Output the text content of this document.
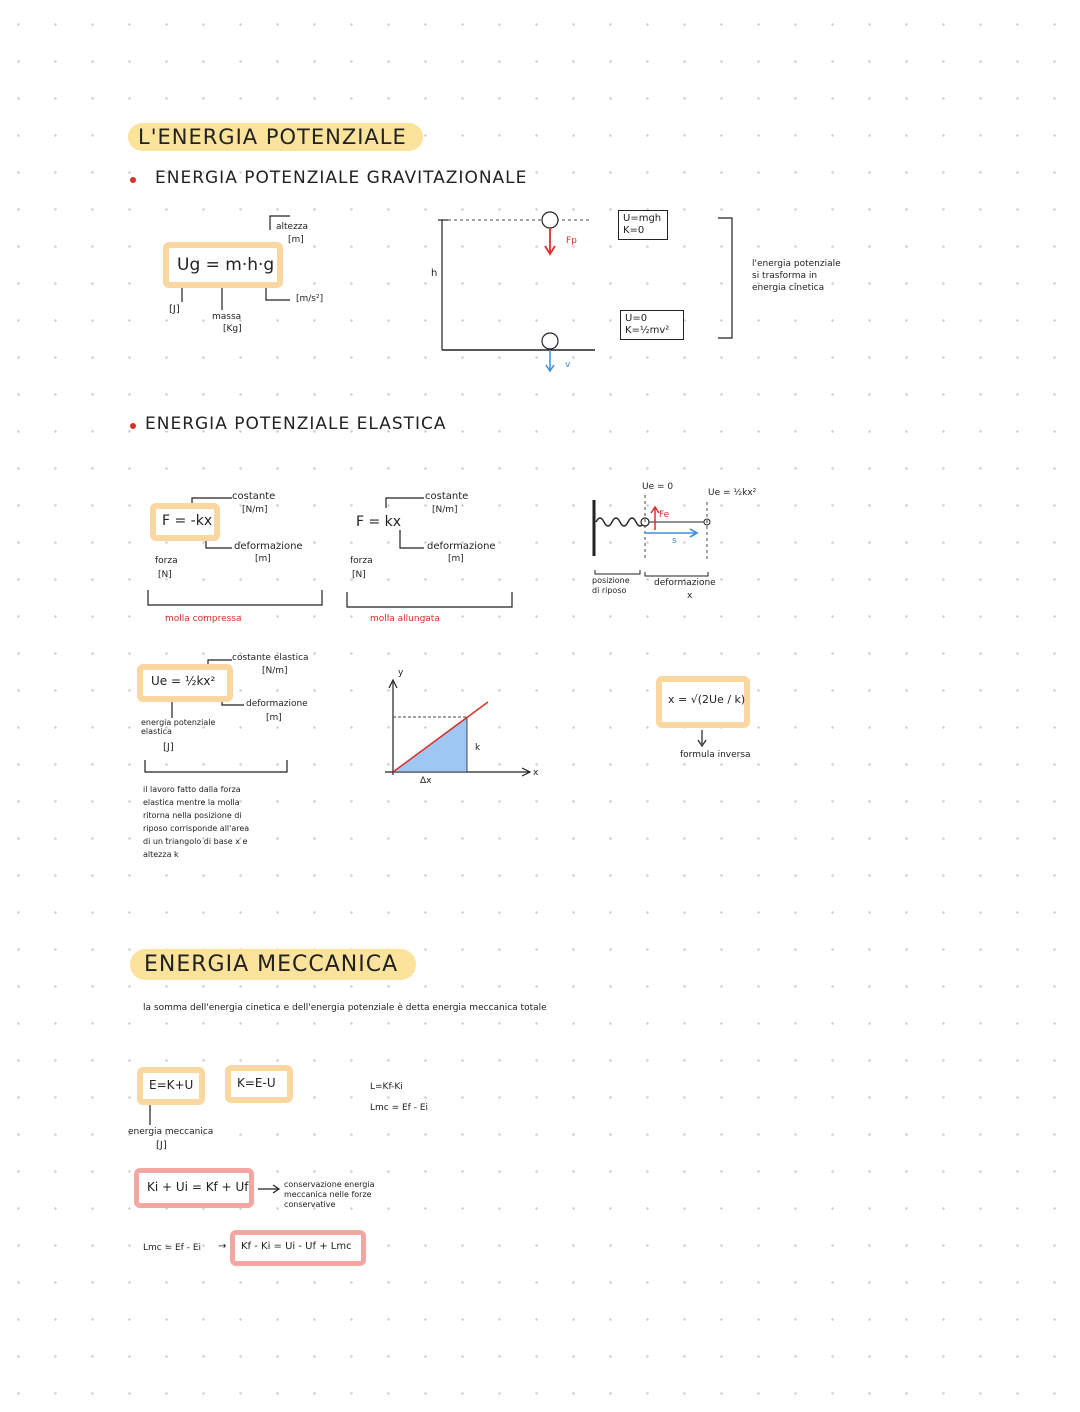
L'ENERGIA POTENZIALE
ENERGIA POTENZIALE GRAVITAZIONALE
Ug = m·h·g
altezza
[m]
[J]
massa
[Kg]
[m/s²]
h
Fp
v
U=mgh
K=0
U=0
K=½mv²
l'energia potenziale
si trasforma in
energia cinetica
ENERGIA POTENZIALE ELASTICA
F = -kx
costante
[N/m]
deformazione
[m]
forza
[N]
molla compressa
F = kx
costante
[N/m]
deformazione
[m]
forza
[N]
molla allungata
Ue = 0
Ue = ½kx²
Fe
s
posizione
di riposo
deformazione
x
Ue = ½kx²
costante elastica
[N/m]
deformazione
[m]
energia potenziale
elastica
[J]
il lavoro fatto dalla forza
elastica mentre la molla
ritorna nella posizione di
riposo corrisponde all'area
di un triangolo di base x e
altezza k
y
x
k
Δx
x = √(2Ue / k)
formula inversa
ENERGIA MECCANICA
la somma dell'energia cinetica e dell'energia potenziale è detta energia meccanica totale
E=K+U	K=E-U	L=Kf-Ki
Lmc = Ef - Ei
energia meccanica
[J]
Ki + Ui = Kf + Uf	conservazione energia
meccanica nelle forze
conservative
Lmc = Ef - Ei →	Kf - Ki = Ui - Uf + Lmc
